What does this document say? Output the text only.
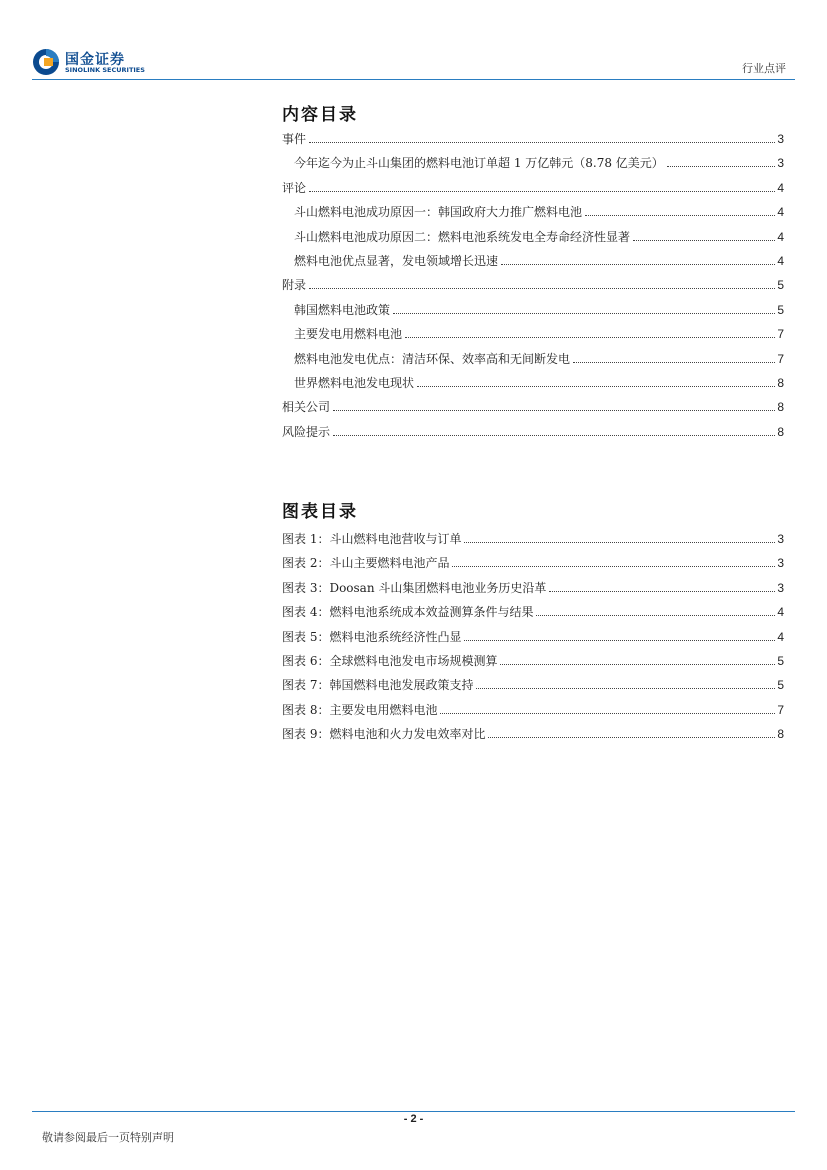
国金证券
SINOLINK SECURITIES	行业点评
内容目录
事件	3
今年迄今为止斗山集团的燃料电池订单超 1 万亿韩元（8.78 亿美元）	3
评论	4
斗山燃料电池成功原因一：韩国政府大力推广燃料电池	4
斗山燃料电池成功原因二：燃料电池系统发电全寿命经济性显著	4
燃料电池优点显著，发电领域增长迅速	4
附录	5
韩国燃料电池政策	5
主要发电用燃料电池	7
燃料电池发电优点：清洁环保、效率高和无间断发电	7
世界燃料电池发电现状	8
相关公司	8
风险提示	8
图表目录
图表 1：斗山燃料电池营收与订单	3
图表 2：斗山主要燃料电池产品	3
图表 3：Doosan 斗山集团燃料电池业务历史沿革	3
图表 4：燃料电池系统成本效益测算条件与结果	4
图表 5：燃料电池系统经济性凸显	4
图表 6：全球燃料电池发电市场规模测算	5
图表 7：韩国燃料电池发展政策支持	5
图表 8：主要发电用燃料电池	7
图表 9：燃料电池和火力发电效率对比	8
- 2 -
敬请参阅最后一页特别声明
